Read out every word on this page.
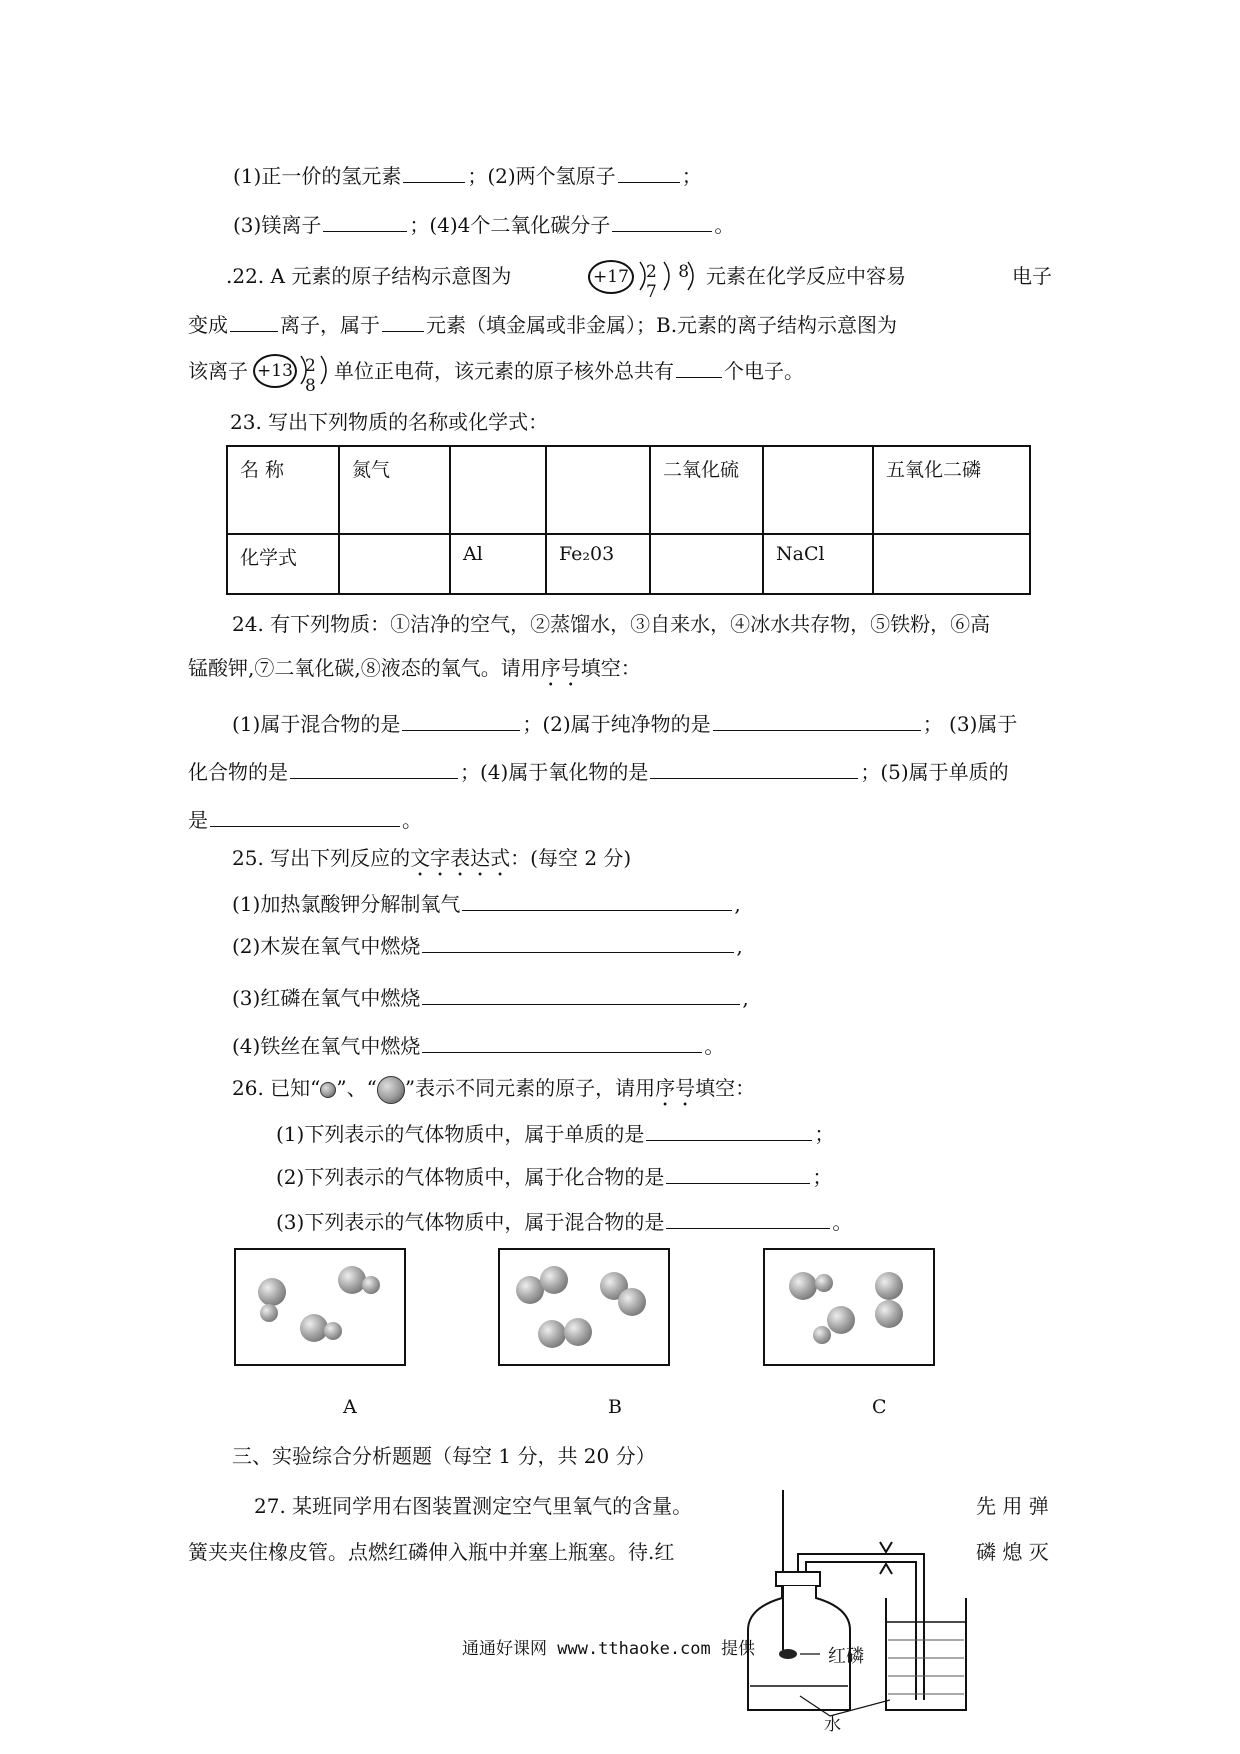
(1)正一价的氢元素	；(2)两个氢原子	；
(3)镁离子	；(4)4个二氧化碳分子	。
.22. A 元素的原子结构示意图为	+17 2 8 7
元素在化学反应中容易	电子
变成	离子，属于 元素（填金属或非金属）；B.元素的离子结构示意图为
该离子 +13 2 8
单位正电荷，该元素的原子核外总共有	个电子。
23. 写出下列物质的名称或化学式：
名 称	氮气			二氧化硫		五氧化二磷
化学式		Al	Fe₂03		NaCl	
24. 有下列物质：①洁净的空气，②蒸馏水，③自来水，④冰水共存物，⑤铁粉，⑥高
锰酸钾,⑦二氧化碳,⑧液态的氧气。请用序号填空：
(1)属于混合物的是	；(2)属于纯净物的是	； (3)属于
化合物的是	；(4)属于氧化物的是	；(5)属于单质的
是	。
25. 写出下列反应的文字表达式：(每空 2 分)
(1)加热氯酸钾分解制氧气	,
(2)木炭在氧气中燃烧	,
(3)红磷在氧气中燃烧	,
(4)铁丝在氧气中燃烧	。
26. 已知“ ”、“ ”表示不同元素的原子，请用序号填空：
(1)下列表示的气体物质中，属于单质的是	；
(2)下列表示的气体物质中，属于化合物的是	；
(3)下列表示的气体物质中，属于混合物的是	。
A	B	C
三、实验综合分析题题（每空 1 分，共 20 分）
27. 某班同学用右图装置测定空气里氧气的含量。	先 用 弹
簧夹夹住橡皮管。点燃红磷伸入瓶中并塞上瓶塞。待.红	磷 熄 灭
红磷
水
通通好课网 www.tthaoke.com 提供
